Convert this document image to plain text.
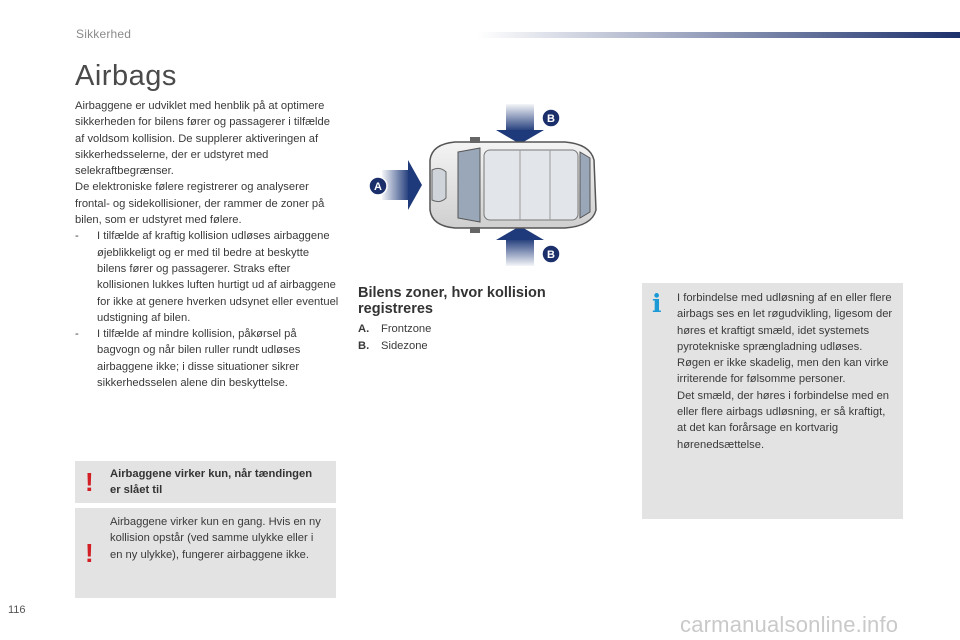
Sikkerhed
Airbags

Airbaggene er udviklet med henblik på at optimere sikkerheden for bilens fører og passagerer i tilfælde af voldsom kollision. De supplerer aktiveringen af sikkerhedsselerne, der er udstyret med selekraftbegrænser.

De elektroniske følere registrerer og analyserer frontal- og sidekollisioner, der rammer de zoner på bilen, som er udstyret med følere.

- I tilfælde af kraftig kollision udløses airbaggene øjeblikkeligt og er med til bedre at beskytte bilens fører og passagerer. Straks efter kollisionen lukkes luften hurtigt ud af airbaggene for ikke at genere hverken udsynet eller eventuel udstigning af bilen.
- I tilfælde af mindre kollision, påkørsel på bagvogn og når bilen ruller rundt udløses airbaggene ikke; i disse situationer sikrer sikkerhedsselen alene din beskyttelse.
! Airbaggene virker kun, når tændingen er slået til
!
Airbaggene virker kun en gang. Hvis en ny kollision opstår (ved samme ulykke eller i en ny ulykke), fungerer airbaggene ikke.
A
B
B
Bilens zoner, hvor kollision registreres
A. Frontzone
B. Sidezone
i I forbindelse med udløsning af en eller flere airbags ses en let røgudvikling, ligesom der høres et kraftigt smæld, idet systemets pyrotekniske sprængladning udløses.
Røgen er ikke skadelig, men den kan virke irriterende for følsomme personer.
Det smæld, der høres i forbindelse med en eller flere airbags udløsning, er så kraftigt, at det kan forårsage en kortvarig hørenedsættelse.
116
carmanualsonline.info
